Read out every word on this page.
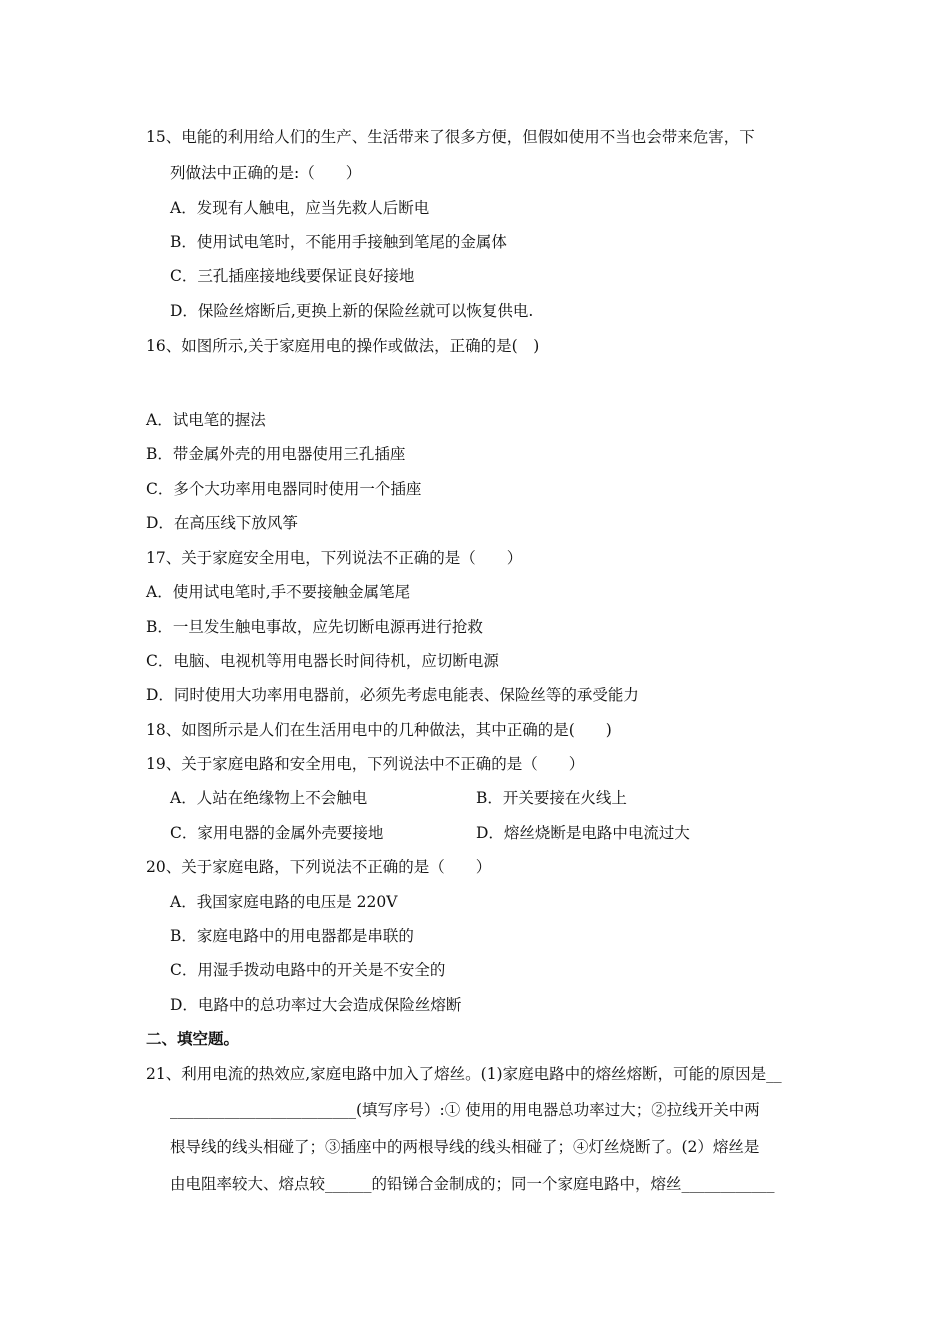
15、电能的利用给人们的生产、生活带来了很多方便，但假如使用不当也会带来危害，下
列做法中正确的是:（　　）
A．发现有人触电，应当先救人后断电
B．使用试电笔时，不能用手接触到笔尾的金属体
C．三孔插座接地线要保证良好接地
D．保险丝熔断后,更换上新的保险丝就可以恢复供电.
16、如图所示,关于家庭用电的操作或做法，正确的是(　)
A．试电笔的握法
B．带金属外壳的用电器使用三孔插座
C．多个大功率用电器同时使用一个插座
D．在高压线下放风筝
17、关于家庭安全用电，下列说法不正确的是（　　）
A．使用试电笔时,手不要接触金属笔尾
B．一旦发生触电事故，应先切断电源再进行抢救
C．电脑、电视机等用电器长时间待机，应切断电源
D．同时使用大功率用电器前，必须先考虑电能表、保险丝等的承受能力
18、如图所示是人们在生活用电中的几种做法，其中正确的是(　　)
19、关于家庭电路和安全用电，下列说法中不正确的是（　　）
A．人站在绝缘物上不会触电	B．开关要接在火线上
C．家用电器的金属外壳要接地	D．熔丝烧断是电路中电流过大
20、关于家庭电路，下列说法不正确的是（　　）
A．我国家庭电路的电压是 220V
B．家庭电路中的用电器都是串联的
C．用湿手拨动电路中的开关是不安全的
D．电路中的总功率过大会造成保险丝熔断
二、填空题。
21、利用电流的热效应,家庭电路中加入了熔丝。(1)家庭电路中的熔丝熔断，可能的原因是__
________________________(填写序号）:① 使用的用电器总功率过大；②拉线开关中两
根导线的线头相碰了；③插座中的两根导线的线头相碰了；④灯丝烧断了。(2）熔丝是
由电阻率较大、熔点较______的铅锑合金制成的；同一个家庭电路中，熔丝____________
